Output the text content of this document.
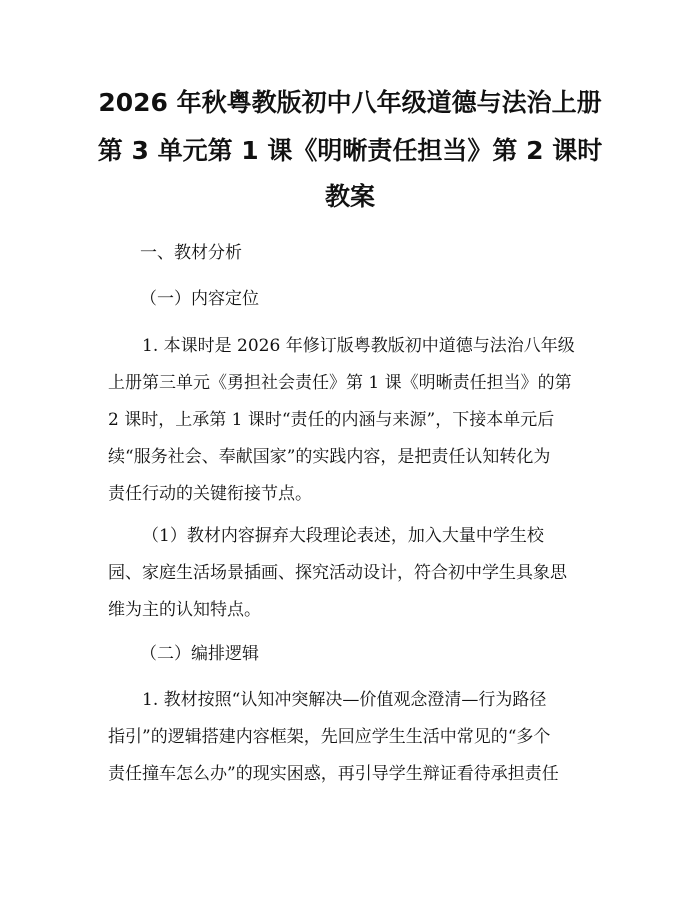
2026 年秋粤教版初中八年级道德与法治上册
第 3 单元第 1 课《明晰责任担当》第 2 课时
教案
一、教材分析
（一）内容定位
1. 本课时是 2026 年修订版粤教版初中道德与法治八年级
上册第三单元《勇担社会责任》第 1 课《明晰责任担当》的第
2 课时，上承第 1 课时“责任的内涵与来源”，下接本单元后
续“服务社会、奉献国家”的实践内容，是把责任认知转化为
责任行动的关键衔接节点。
（1）教材内容摒弃大段理论表述，加入大量中学生校
园、家庭生活场景插画、探究活动设计，符合初中学生具象思
维为主的认知特点。
（二）编排逻辑
1. 教材按照“认知冲突解决—价值观念澄清—行为路径
指引”的逻辑搭建内容框架，先回应学生生活中常见的“多个
责任撞车怎么办”的现实困惑，再引导学生辩证看待承担责任
